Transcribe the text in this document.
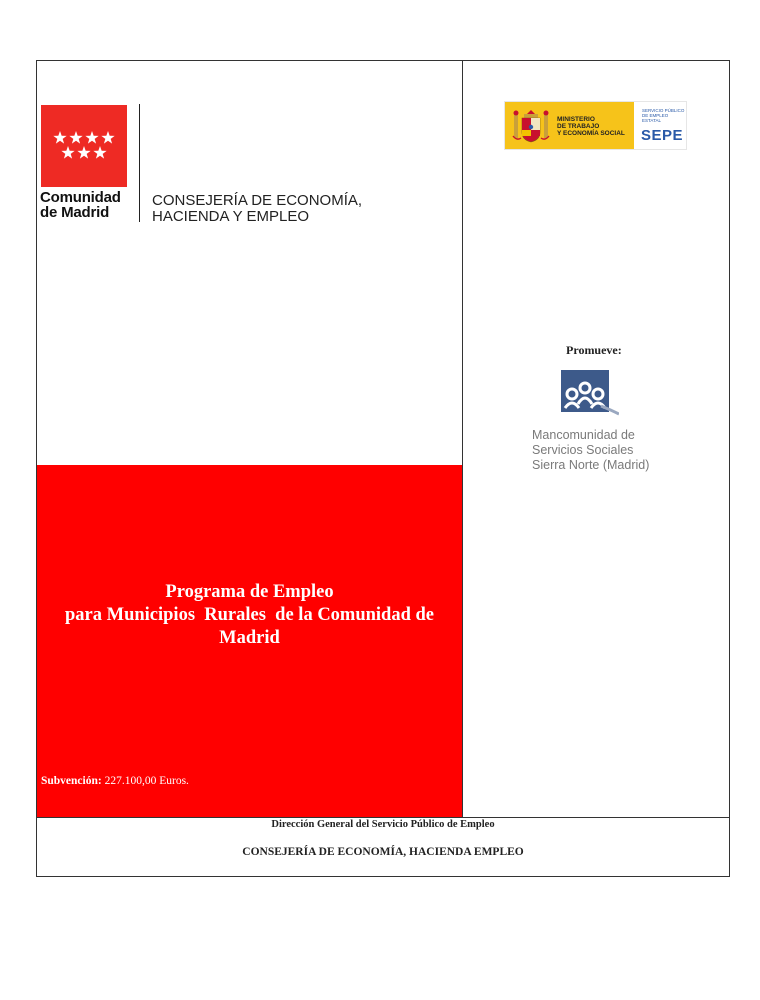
Comunidad
de Madrid
CONSEJERÍA DE ECONOMÍA,
HACIENDA Y EMPLEO
MINISTERIO
DE TRABAJO
Y ECONOMÍA SOCIAL
SERVICIO PÚBLICO
DE EMPLEO ESTATAL
SEPE
Promueve:
Mancomunidad de
Servicios Sociales
Sierra Norte (Madrid)
Programa de Empleo
para Municipios  Rurales  de la Comunidad de
Madrid
Subvención: 227.100,00 Euros.
Dirección General del Servicio Público de Empleo
CONSEJERÍA DE ECONOMÍA, HACIENDA EMPLEO
